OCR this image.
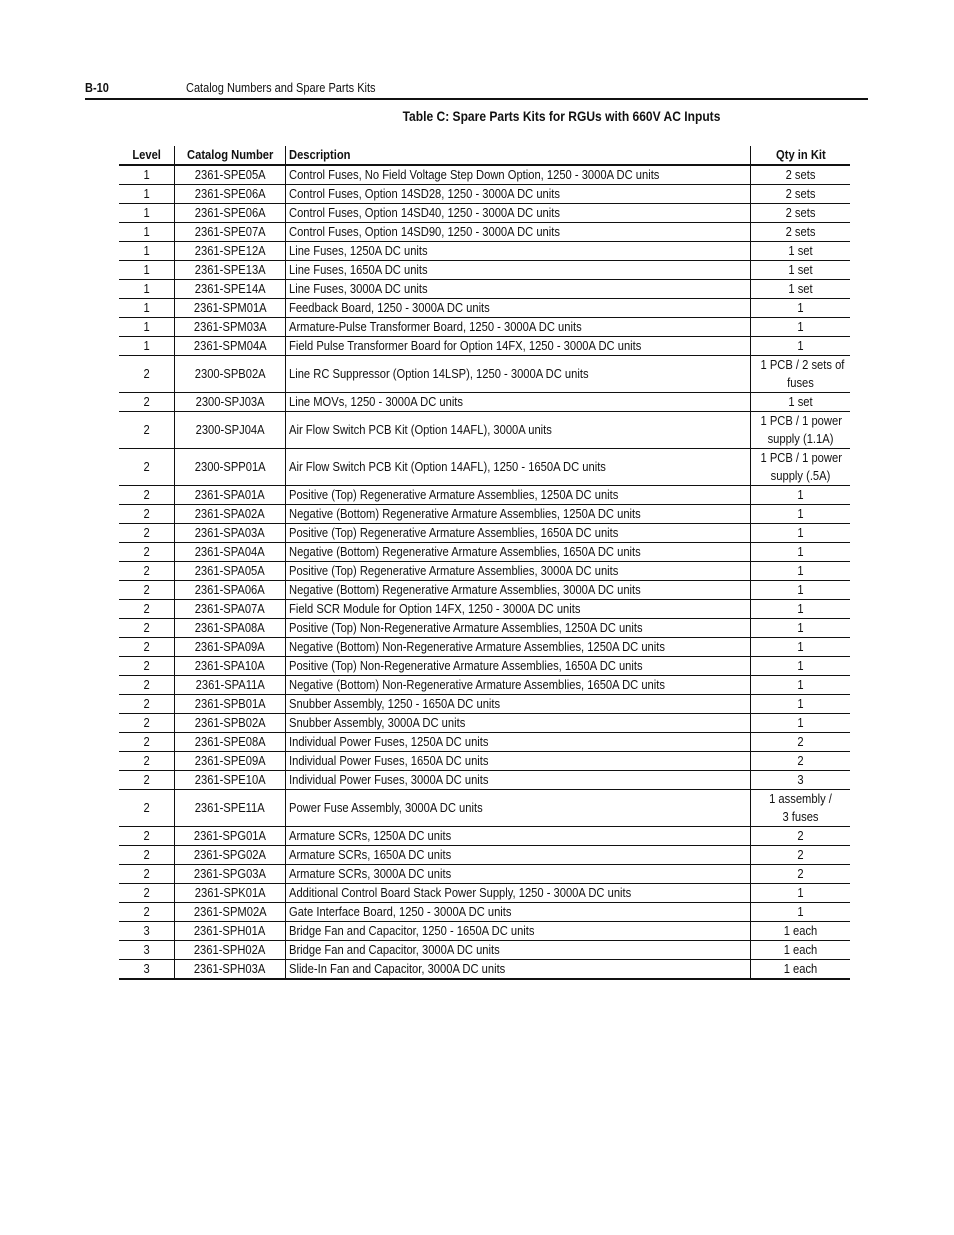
B-10	Catalog Numbers and Spare Parts Kits
Table C: Spare Parts Kits for RGUs with 660V AC Inputs
Level	Catalog Number	Description	Qty in Kit
1	2361-SPE05A	Control Fuses, No Field Voltage Step Down Option, 1250 - 3000A DC units	2 sets

1	2361-SPE06A	Control Fuses, Option 14SD28, 1250 - 3000A DC units	2 sets

1	2361-SPE06A	Control Fuses, Option 14SD40, 1250 - 3000A DC units	2 sets

1	2361-SPE07A	Control Fuses, Option 14SD90, 1250 - 3000A DC units	2 sets

1	2361-SPE12A	Line Fuses, 1250A DC units	1 set

1	2361-SPE13A	Line Fuses, 1650A DC units	1 set

1	2361-SPE14A	Line Fuses, 3000A DC units	1 set

1	2361-SPM01A	Feedback Board, 1250 - 3000A DC units	1

1	2361-SPM03A	Armature-Pulse Transformer Board, 1250 - 3000A DC units	1

1	2361-SPM04A	Field Pulse Transformer Board for Option 14FX, 1250 - 3000A DC units	1

2	2300-SPB02A	Line RC Suppressor (Option 14LSP), 1250 - 3000A DC units	1 PCB / 2 sets of
fuses

2	2300-SPJ03A	Line MOVs, 1250 - 3000A DC units	1 set

2	2300-SPJ04A	Air Flow Switch PCB Kit (Option 14AFL), 3000A units	1 PCB / 1 power
supply (1.1A)

2	2300-SPP01A	Air Flow Switch PCB Kit (Option 14AFL), 1250 - 1650A DC units	1 PCB / 1 power
supply (.5A)

2	2361-SPA01A	Positive (Top) Regenerative Armature Assemblies, 1250A DC units	1

2	2361-SPA02A	Negative (Bottom) Regenerative Armature Assemblies, 1250A DC units	1

2	2361-SPA03A	Positive (Top) Regenerative Armature Assemblies, 1650A DC units	1

2	2361-SPA04A	Negative (Bottom) Regenerative Armature Assemblies, 1650A DC units	1

2	2361-SPA05A	Positive (Top) Regenerative Armature Assemblies, 3000A DC units	1

2	2361-SPA06A	Negative (Bottom) Regenerative Armature Assemblies, 3000A DC units	1

2	2361-SPA07A	Field SCR Module for Option 14FX, 1250 - 3000A DC units	1

2	2361-SPA08A	Positive (Top) Non-Regenerative Armature Assemblies, 1250A DC units	1

2	2361-SPA09A	Negative (Bottom) Non-Regenerative Armature Assemblies, 1250A DC units	1

2	2361-SPA10A	Positive (Top) Non-Regenerative Armature Assemblies, 1650A DC units	1

2	2361-SPA11A	Negative (Bottom) Non-Regenerative Armature Assemblies, 1650A DC units	1

2	2361-SPB01A	Snubber Assembly, 1250 - 1650A DC units	1

2	2361-SPB02A	Snubber Assembly, 3000A DC units	1

2	2361-SPE08A	Individual Power Fuses, 1250A DC units	2

2	2361-SPE09A	Individual Power Fuses, 1650A DC units	2

2	2361-SPE10A	Individual Power Fuses, 3000A DC units	3

2	2361-SPE11A	Power Fuse Assembly, 3000A DC units	1 assembly /
3 fuses

2	2361-SPG01A	Armature SCRs, 1250A DC units	2

2	2361-SPG02A	Armature SCRs, 1650A DC units	2

2	2361-SPG03A	Armature SCRs, 3000A DC units	2

2	2361-SPK01A	Additional Control Board Stack Power Supply, 1250 - 3000A DC units	1

2	2361-SPM02A	Gate Interface Board, 1250 - 3000A DC units	1

3	2361-SPH01A	Bridge Fan and Capacitor, 1250 - 1650A DC units	1 each

3	2361-SPH02A	Bridge Fan and Capacitor, 3000A DC units	1 each

3	2361-SPH03A	Slide-In Fan and Capacitor, 3000A DC units	1 each
